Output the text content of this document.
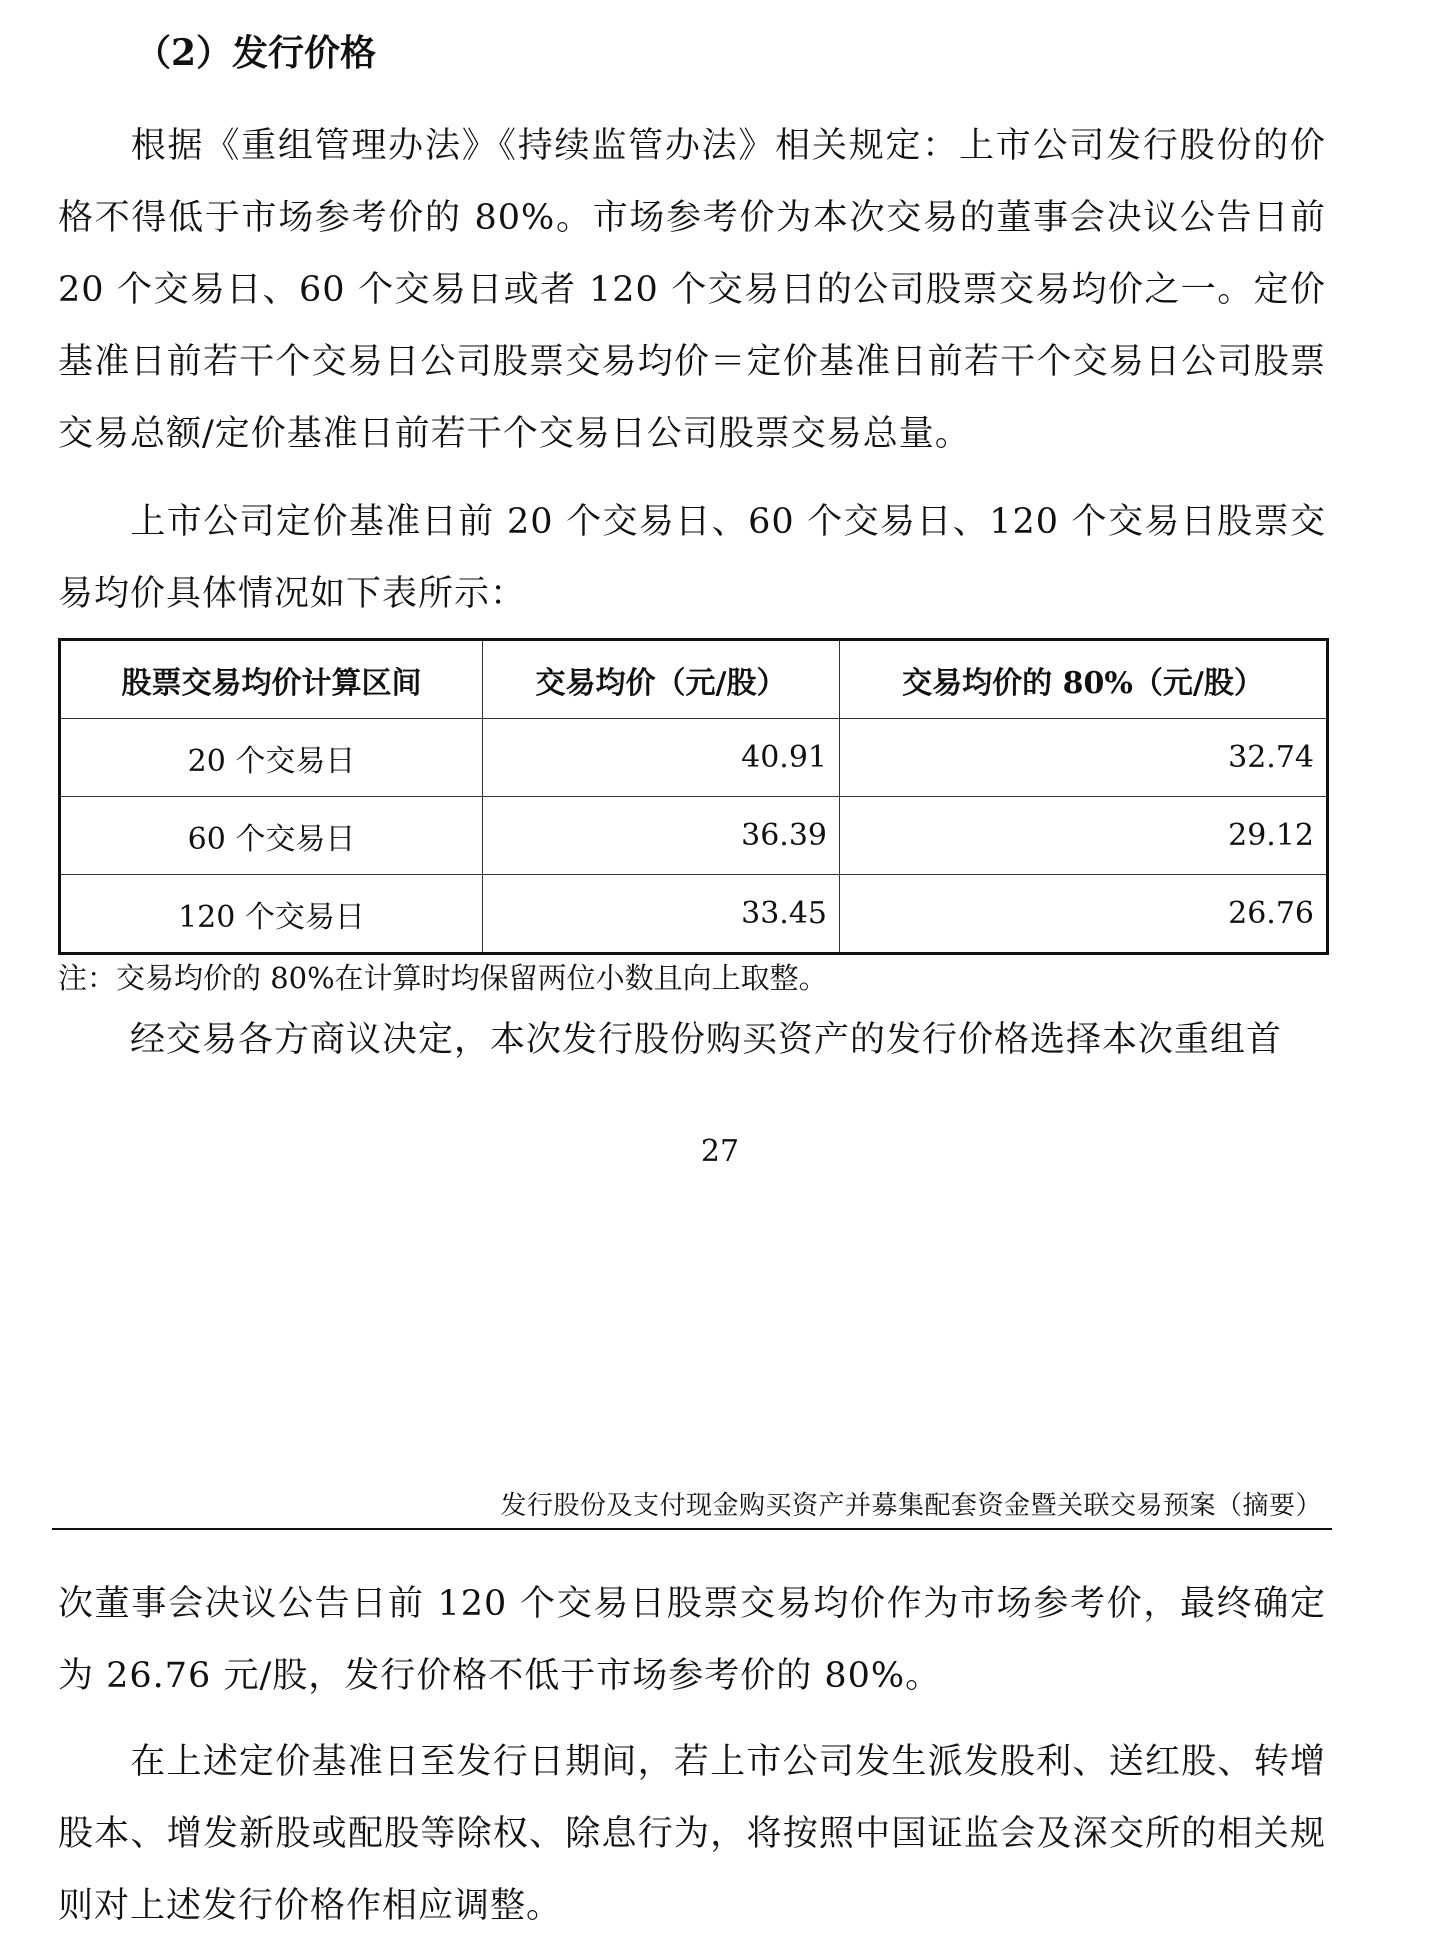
（2）发行价格

根据《重组管理办法》《持续监管办法》相关规定：上市公司发行股份的价格不得低于市场参考价的 80%。市场参考价为本次交易的董事会决议公告日前 20 个交易日、60 个交易日或者 120 个交易日的公司股票交易均价之一。定价基准日前若干个交易日公司股票交易均价＝定价基准日前若干个交易日公司股票交易总额/定价基准日前若干个交易日公司股票交易总量。

上市公司定价基准日前 20 个交易日、60 个交易日、120 个交易日股票交易均价具体情况如下表所示：

股票交易均价计算区间	交易均价（元/股）	交易均价的 80%（元/股）
20 个交易日	40.91	32.74
60 个交易日	36.39	29.12
120 个交易日	33.45	26.76
注：交易均价的 80%在计算时均保留两位小数且向上取整。

经交易各方商议决定，本次发行股份购买资产的发行价格选择本次重组首

27
发行股份及支付现金购买资产并募集配套资金暨关联交易预案（摘要）

次董事会决议公告日前 120 个交易日股票交易均价作为市场参考价，最终确定为 26.76 元/股，发行价格不低于市场参考价的 80%。

在上述定价基准日至发行日期间，若上市公司发生派发股利、送红股、转增股本、增发新股或配股等除权、除息行为，将按照中国证监会及深交所的相关规则对上述发行价格作相应调整。
